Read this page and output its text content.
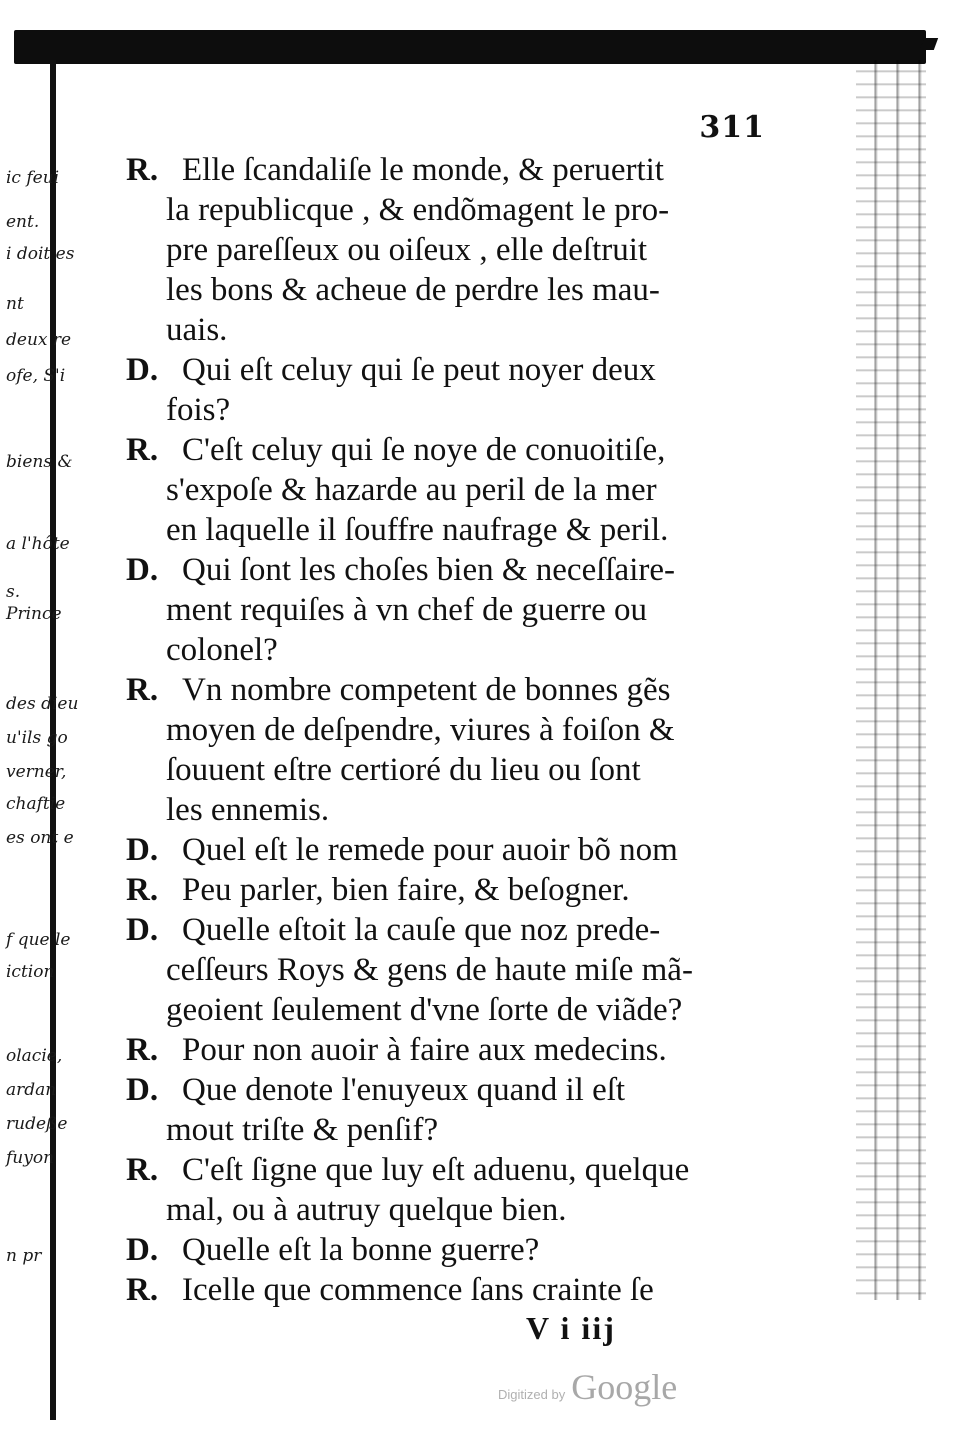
ic feui
ent.
i doit es
nt
deux re
ofe, S'i
biens &
a l'hôte
s.
Prince
des dieu
u'ils go
verner,
chaftie
es ont e
f que le
iction
olacie,
ardan
rudeße
fuyon
n pr
311
R. Elle ſcandaliſe le monde, & peruertit
la republicque , & endõmagent le pro-
pre pareſſeux ou oiſeux , elle deſtruit
les bons & acheue de perdre les mau-
uais.
D. Qui eſt celuy qui ſe peut noyer deux
fois?
R. C'eſt celuy qui ſe noye de conuoitiſe,
s'expoſe & hazarde au peril de la mer
en laquelle il ſouffre naufrage & peril.
D. Qui ſont les choſes bien & neceſſaire-
ment requiſes à vn chef de guerre ou
colonel?
R. Vn nombre competent de bonnes gẽs
moyen de deſpendre, viures à foiſon &
ſouuent eſtre certioré du lieu ou ſont
les ennemis.
D. Quel eſt le remede pour auoir bõ nom
R. Peu parler, bien faire, & beſogner.
D. Quelle eſtoit la cauſe que noz prede-
ceſſeurs Roys & gens de haute miſe mã-
geoient ſeulement d'vne ſorte de viãde?
R. Pour non auoir à faire aux medecins.
D. Que denote l'enuyeux quand il eſt
mout triſte & penſif?
R. C'eſt ſigne que luy eſt aduenu, quelque
mal, ou à autruy quelque bien.
D. Quelle eſt la bonne guerre?
R. Icelle que commence ſans crainte ſe
V i iij
Digitized by Google
